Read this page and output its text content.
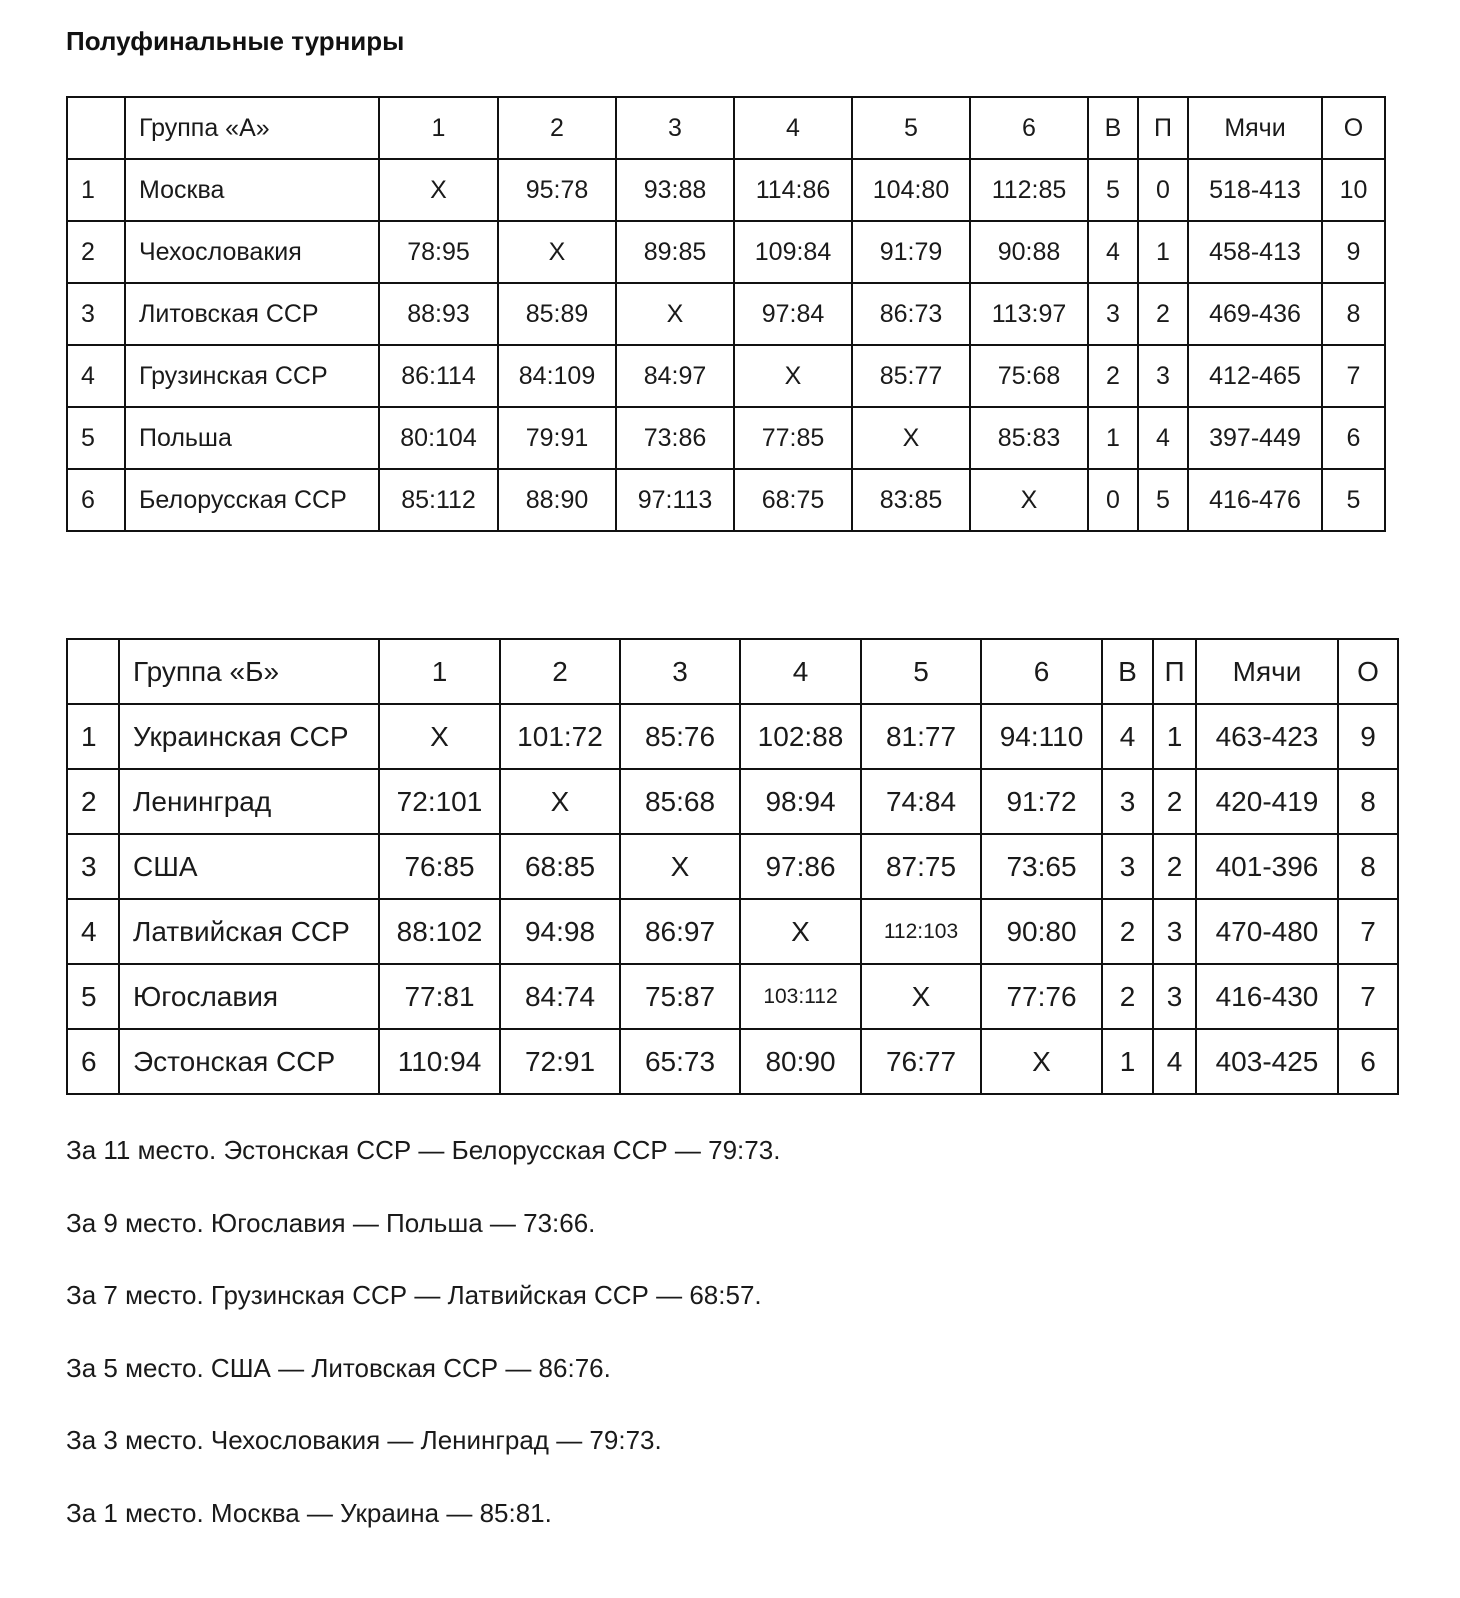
Полуфинальные турниры
	Группа «А»	1	2	3	4	5	6	В	П	Мячи	О
1	Москва	X	95:78	93:88	114:86	104:80	112:85	5	0	518-413	10
2	Чехословакия	78:95	X	89:85	109:84	91:79	90:88	4	1	458-413	9
3	Литовская ССР	88:93	85:89	X	97:84	86:73	113:97	3	2	469-436	8
4	Грузинская ССР	86:114	84:109	84:97	X	85:77	75:68	2	3	412-465	7
5	Польша	80:104	79:91	73:86	77:85	X	85:83	1	4	397-449	6
6	Белорусская ССР	85:112	88:90	97:113	68:75	83:85	X	0	5	416-476	5
	Группа «Б»	1	2	3	4	5	6	В	П	Мячи	О
1	Украинская ССР	X	101:72	85:76	102:88	81:77	94:110	4	1	463-423	9
2	Ленинград	72:101	X	85:68	98:94	74:84	91:72	3	2	420-419	8
3	США	76:85	68:85	X	97:86	87:75	73:65	3	2	401-396	8
4	Латвийская ССР	88:102	94:98	86:97	X	112:103	90:80	2	3	470-480	7
5	Югославия	77:81	84:74	75:87	103:112	X	77:76	2	3	416-430	7
6	Эстонская ССР	110:94	72:91	65:73	80:90	76:77	X	1	4	403-425	6
За 11 место. Эстонская ССР — Белорусская ССР — 79:73.
За 9 место. Югославия — Польша — 73:66.
За 7 место. Грузинская ССР — Латвийская ССР — 68:57.
За 5 место. США — Литовская ССР — 86:76.
За 3 место. Чехословакия — Ленинград — 79:73.
За 1 место. Москва — Украина — 85:81.
